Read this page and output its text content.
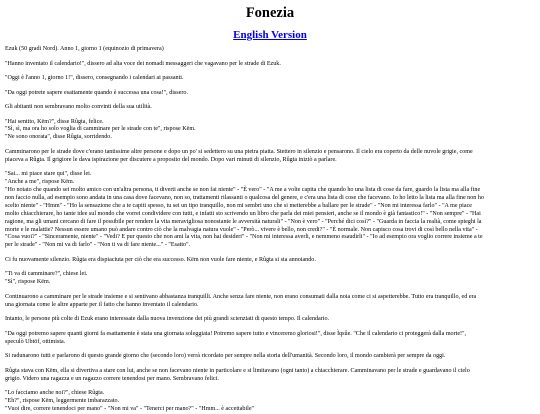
Fonezia
English Version

Ezuk (50 gradi Nord). Anno 1, giorno 1 (equinozio di primavera)

"Hanno inventato il calendario!", dissero ad alta voce dei nomadi messaggeri che vagavano per le strade di Ezuk.

"Oggi è l'anno 1, giorno 1!", dissero, consegnando i calendari ai passanti.

"Da oggi potrete sapere esattamente quando è successa una cosa!", dissero.

Gli abitanti non sembravano molto convinti della sua utilità.

"Hai sentito, Këm?", disse Rûgta, felice.
"Sì, sì, ma ora ho solo voglia di camminare per le strade con te", rispose Këm.
"Ne sono onorata", disse Rûgta, sorridendo.

Camminarono per le strade dove c'erano tantissime altre persone e dopo un po' si sedettero su una pietra piatta. Stettero in silenzio e pensarono. Il cielo era coperto da delle nuvole grigie, come
piaceva a Rûgta. Il grigiore le dava ispirazione per discutere a proposito del mondo. Dopo vari minuti di silenzio, Rûgta iniziò a parlare.

"Sai... mi piace stare qui", disse lei.
"Anche a me", rispose Këm.
"Ho notato che quando sei molto amico con un'altra persona, ti diverti anche se non fai niente" - "È vero" - "A me a volte capita che quando ho una lista di cose da fare, guardo la lista ma alla fine
non faccio nulla, ad esempio sono andata in una casa dove facevano, non so, trattamenti rilassanti o qualcosa del genere, e c'era una lista di cose che facevano. Io ho letto la lista ma alla fine non ho
scelto niente" - "Hmm" - "Ho la sensazione che a te capiti spesso, tu sei un tipo tranquillo, non mi sembri uno che si metterebbe a ballare per le strade" - "Non mi interessa farlo" - "A me piace
molto chiacchierare, ho tante idee sul mondo che vorrei condividere con tutti, e infatti sto scrivendo un libro che parla dei miei pensieri, anche se il mondo è già fantastico!" - "Non sempre" - "Hai
ragione, ma gli umani cercano di fare il possibile per rendere la vita meravigliosa nonostante le avversità naturali" - "Non è vero" - "Perché dici così?" - "Guarda in faccia la realtà, come spieghi la
morte e le malattie? Nessun essere umano può andare contro ciò che la malvagia natura vuole" - "Però... vivere è bello, non credi?" - "È normale. Non capisco cosa trovi di così bello nella vita" -
"Cosa vuoi?" - "Sinceramente, niente" - "Vedi? E pur questo che non ami la vita, non hai desideri" - "Non mi interessa averli, e nemmeno esaudirli" - "Io ad esempio ora voglio correre insieme a te
per le strade" - "Non mi va di farlo" - "Non ti va di fare niente..." - "Esatto".

Ci fu nuovamente silenzio. Rûgta era dispiaciuta per ciò che era successo. Këm non vuole fare niente, e Rûgta si sta annoiando.

"Ti va di camminare?", chiese lei.
"Sì", rispose Këm.

Continuarono a camminare per le strade insieme e si sentivano abbastanza tranquilli. Anche senza fare niente, non erano consumati dalla noia come ci si aspetterebbe. Tutto era tranquillo, ed era
una giornata come le altre apparte per il fatto che hanno inventato il calendario.

Intanto, le persone più colte di Ezuk erano interessate dalla nuova invenzione dei più grandi scienziati di questo tempo. Il calendario.

"Da oggi potremo sapere quanti giorni fa esattamente è stata una giornata soleggiata! Potremo sapere tutto e vinceremo gloriosi!", disse Ìqsûe. "Che il calendario ci proteggerà dalla morte!",
speculò Ubtöf, ottimista.

Si radunarono tutti e parlarono di questo grande giorno che (secondo loro) verrà ricordato per sempre nella storia dell'umanità. Secondo loro, il mondo cambierà per sempre da oggi.

Rûgta stava con Këm, ella si divertiva a stare con lui, anche se non facevano niente in particolare e si limitavano (ogni tanto) a chiacchierare. Camminavano per le strade e guardavano il cielo
grigio. Videro una ragazza e un ragazzo correre tenendosi per mano. Sembravano felici.

"Lo facciamo anche noi?", chiese Rûgta.
"Eh?", rispose Këm, leggermente imbarazzato.
"Vuoi dire, correre tenendoci per mano" - "Non mi va" - "Tenerci per mano?" - "Hmm... è accettabile"
